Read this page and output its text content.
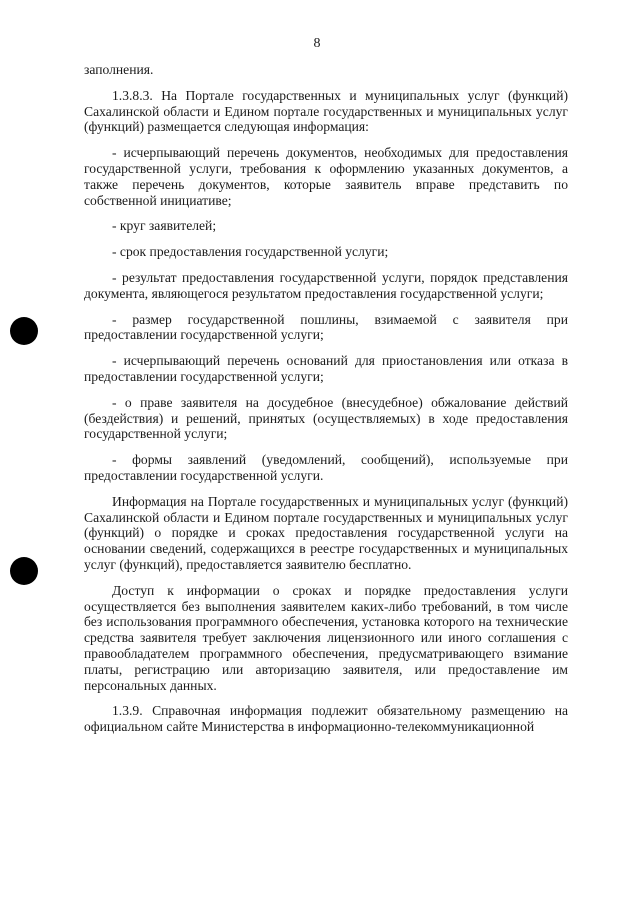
8

заполнения.

1.3.8.3. На Портале государственных и муниципальных услуг (функций) Сахалинской области и Едином портале государственных и муниципальных услуг (функций) размещается следующая информация:

- исчерпывающий перечень документов, необходимых для предоставления государственной услуги, требования к оформлению указанных документов, а также перечень документов, которые заявитель вправе представить по собственной инициативе;

- круг заявителей;

- срок предоставления государственной услуги;

- результат предоставления государственной услуги, порядок представления документа, являющегося результатом предоставления государственной услуги;

- размер государственной пошлины, взимаемой с заявителя при предоставлении государственной услуги;

- исчерпывающий перечень оснований для приостановления или отказа в предоставлении государственной услуги;

- о праве заявителя на досудебное (внесудебное) обжалование действий (бездействия) и решений, принятых (осуществляемых) в ходе предоставления государственной услуги;

- формы заявлений (уведомлений, сообщений), используемые при предоставлении государственной услуги.

Информация на Портале государственных и муниципальных услуг (функций) Сахалинской области и Едином портале государственных и муниципальных услуг (функций) о порядке и сроках предоставления государственной услуги на основании сведений, содержащихся в реестре государственных и муниципальных услуг (функций), предоставляется заявителю бесплатно.

Доступ к информации о сроках и порядке предоставления услуги осуществляется без выполнения заявителем каких-либо требований, в том числе без использования программного обеспечения, установка которого на технические средства заявителя требует заключения лицензионного или иного соглашения с правообладателем программного обеспечения, предусматривающего взимание платы, регистрацию или авторизацию заявителя, или предоставление им персональных данных.

1.3.9. Справочная информация подлежит обязательному размещению на официальном сайте Министерства в информационно-телекоммуникационной
